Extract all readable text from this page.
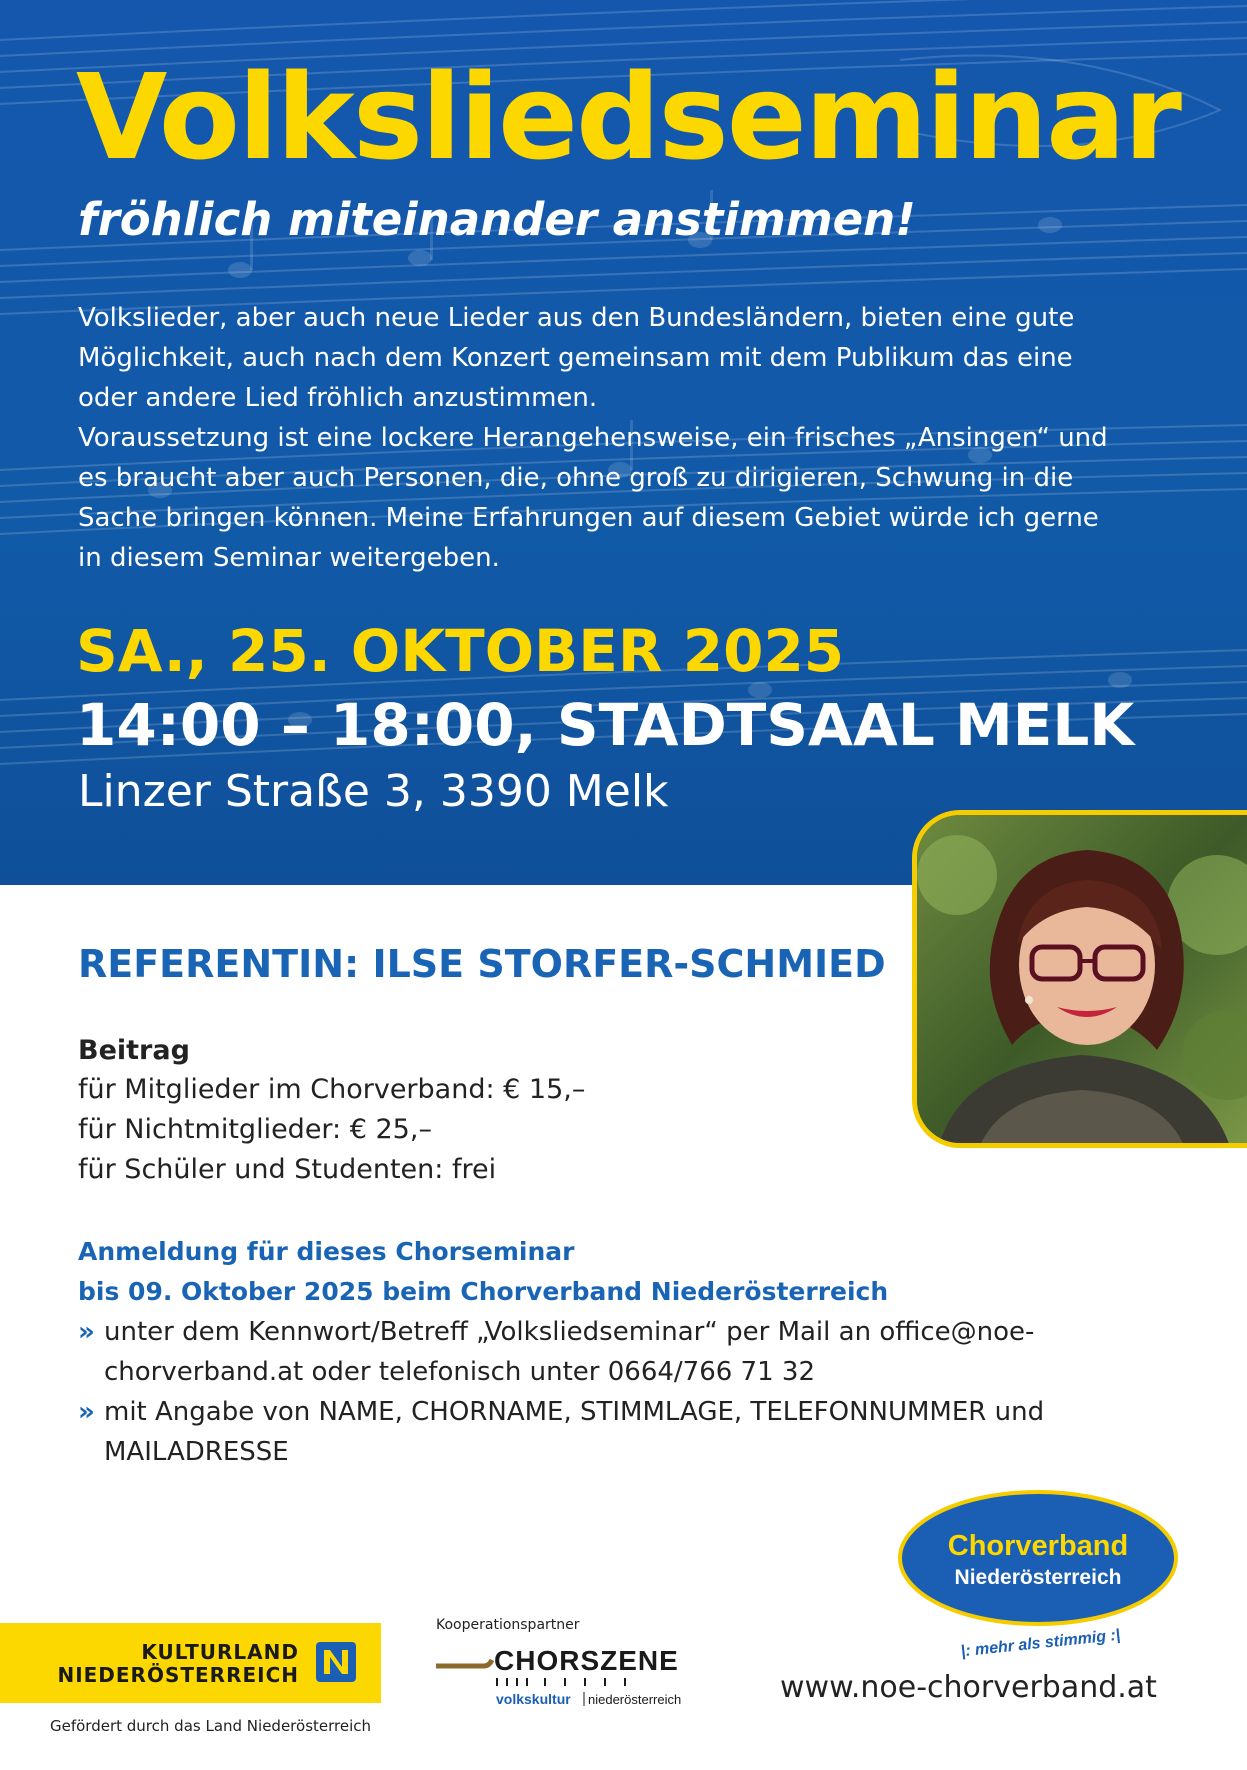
Volksliedseminar
fröhlich miteinander anstimmen!

Volkslieder, aber auch neue Lieder aus den Bundesländern, bieten eine gute

Möglichkeit, auch nach dem Konzert gemeinsam mit dem Publikum das eine

oder andere Lied fröhlich anzustimmen.

Voraussetzung ist eine lockere Herangehensweise, ein frisches „Ansingen“ und

es braucht aber auch Personen, die, ohne groß zu dirigieren, Schwung in die

Sache bringen können. Meine Erfahrungen auf diesem Gebiet würde ich gerne

in diesem Seminar weitergeben.

SA., 25. OKTOBER 2025
14:00 – 18:00, STADTSAAL MELK
Linzer Straße 3, 3390 Melk
REFERENTIN: ILSE STORFER-SCHMIED
Beitrag
für Mitglieder im Chorverband: € 15,–
für Nichtmitglieder: € 25,–
für Schüler und Studenten: frei
Anmeldung für dieses Chorseminar
bis 09. Oktober 2025 beim Chorverband Niederösterreich
» unter dem Kennwort/Betreff „Volksliedseminar“ per Mail an office@noe-chorverband.at oder telefonisch unter 0664/766 71 32
» mit Angabe von NAME, CHORNAME, STIMMLAGE, TELEFONNUMMER und MAILADRESSE
Chorverband
Niederösterreich
|: mehr als stimmig :|
www.noe-chorverband.at
KULTURLAND
NIEDERÖSTERREICH

Gefördert durch das Land Niederösterreich

Kooperationspartner

CHORSZENE
volkskultur niederösterreich
